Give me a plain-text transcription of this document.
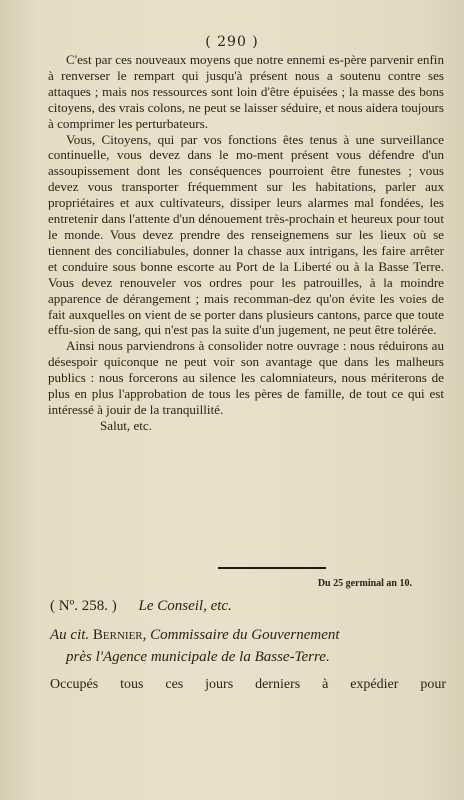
( 290 )

C'est par ces nouveaux moyens que notre ennemi es-père parvenir enfin à renverser le rempart qui jusqu'à présent nous a soutenu contre ses attaques ; mais nos ressources sont loin d'être épuisées ; la masse des bons citoyens, des vrais colons, ne peut se laisser séduire, et nous aidera toujours à comprimer les perturbateurs.

Vous, Citoyens, qui par vos fonctions êtes tenus à une surveillance continuelle, vous devez dans le mo-ment présent vous défendre d'un assoupissement dont les conséquences pourroient être funestes ; vous devez vous transporter fréquemment sur les habitations, parler aux propriétaires et aux cultivateurs, dissiper leurs alarmes mal fondées, les entretenir dans l'attente d'un dénouement très-prochain et heureux pour tout le monde. Vous devez prendre des renseignemens sur les lieux où se tiennent des conciliabules, donner la chasse aux intrigans, les faire arrêter et conduire sous bonne escorte au Port de la Liberté ou à la Basse Terre. Vous devez renouveler vos ordres pour les patrouilles, à la moindre apparence de dérangement ; mais recomman-dez qu'on évite les voies de fait auxquelles on vient de se porter dans plusieurs cantons, parce que toute effu-sion de sang, qui n'est pas la suite d'un jugement, ne peut être tolérée.

Ainsi nous parviendrons à consolider notre ouvrage : nous réduirons au désespoir quiconque ne peut voir son avantage que dans les malheurs publics : nous forcerons au silence les calomniateurs, nous mériterons de plus en plus l'approbation de tous les pères de famille, de tout ce qui est intéressé à jouir de la tranquillité.

Salut, etc.

Du 25 germinal an 10.
( Nº. 258. ) Le Conseil, etc.
Au cit. Bernier, Commissaire du Gouvernement
près l'Agence municipale de la Basse-Terre.
Occupés tous ces jours derniers à expédier pour
